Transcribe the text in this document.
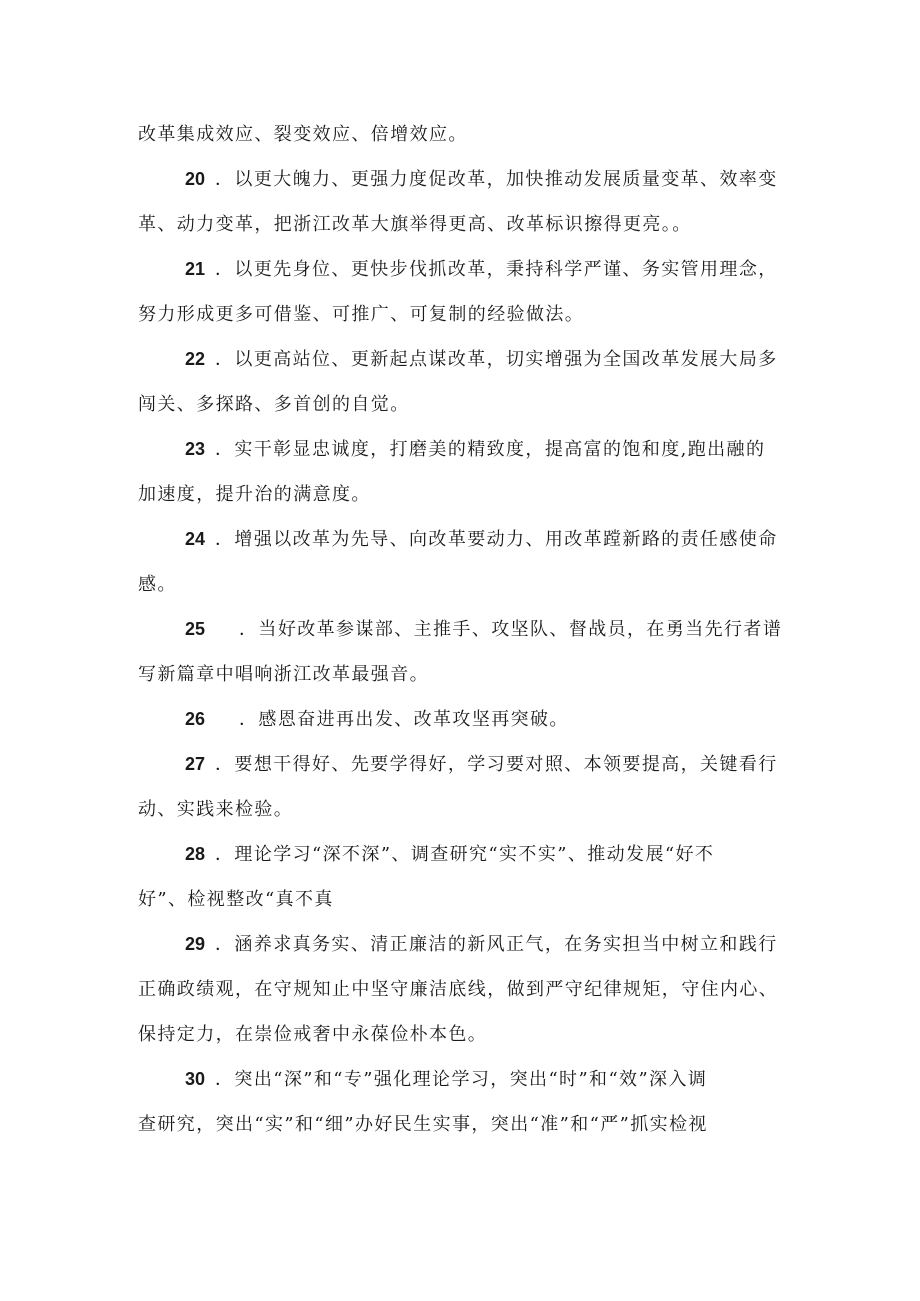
改革集成效应、裂变效应、倍增效应。
20 ．以更大魄力、更强力度促改革，加快推动发展质量变革、效率变
革、动力变革，把浙江改革大旗举得更高、改革标识擦得更亮。。
21 ．以更先身位、更快步伐抓改革，秉持科学严谨、务实管用理念，
努力形成更多可借鉴、可推广、可复制的经验做法。
22 ．以更高站位、更新起点谋改革，切实增强为全国改革发展大局多
闯关、多探路、多首创的自觉。
23 ．实干彰显忠诚度，打磨美的精致度，提高富的饱和度,跑出融的
加速度，提升治的满意度。
24 ．增强以改革为先导、向改革要动力、用改革蹚新路的责任感使命
感。
25 ．当好改革参谋部、主推手、攻坚队、督战员，在勇当先行者谱
写新篇章中唱响浙江改革最强音。
26 ．感恩奋进再出发、改革攻坚再突破。
27 ．要想干得好、先要学得好，学习要对照、本领要提高，关键看行
动、实践来检验。
28 ．理论学习“深不深”、调查研究“实不实”、推动发展“好不
好”、检视整改“真不真
29 ．涵养求真务实、清正廉洁的新风正气，在务实担当中树立和践行
正确政绩观，在守规知止中坚守廉洁底线，做到严守纪律规矩，守住内心、
保持定力，在崇俭戒奢中永葆俭朴本色。
30 ．突出“深”和“专”强化理论学习，突出“时”和“效”深入调
查研究，突出“实”和“细”办好民生实事，突出“准”和“严”抓实检视
